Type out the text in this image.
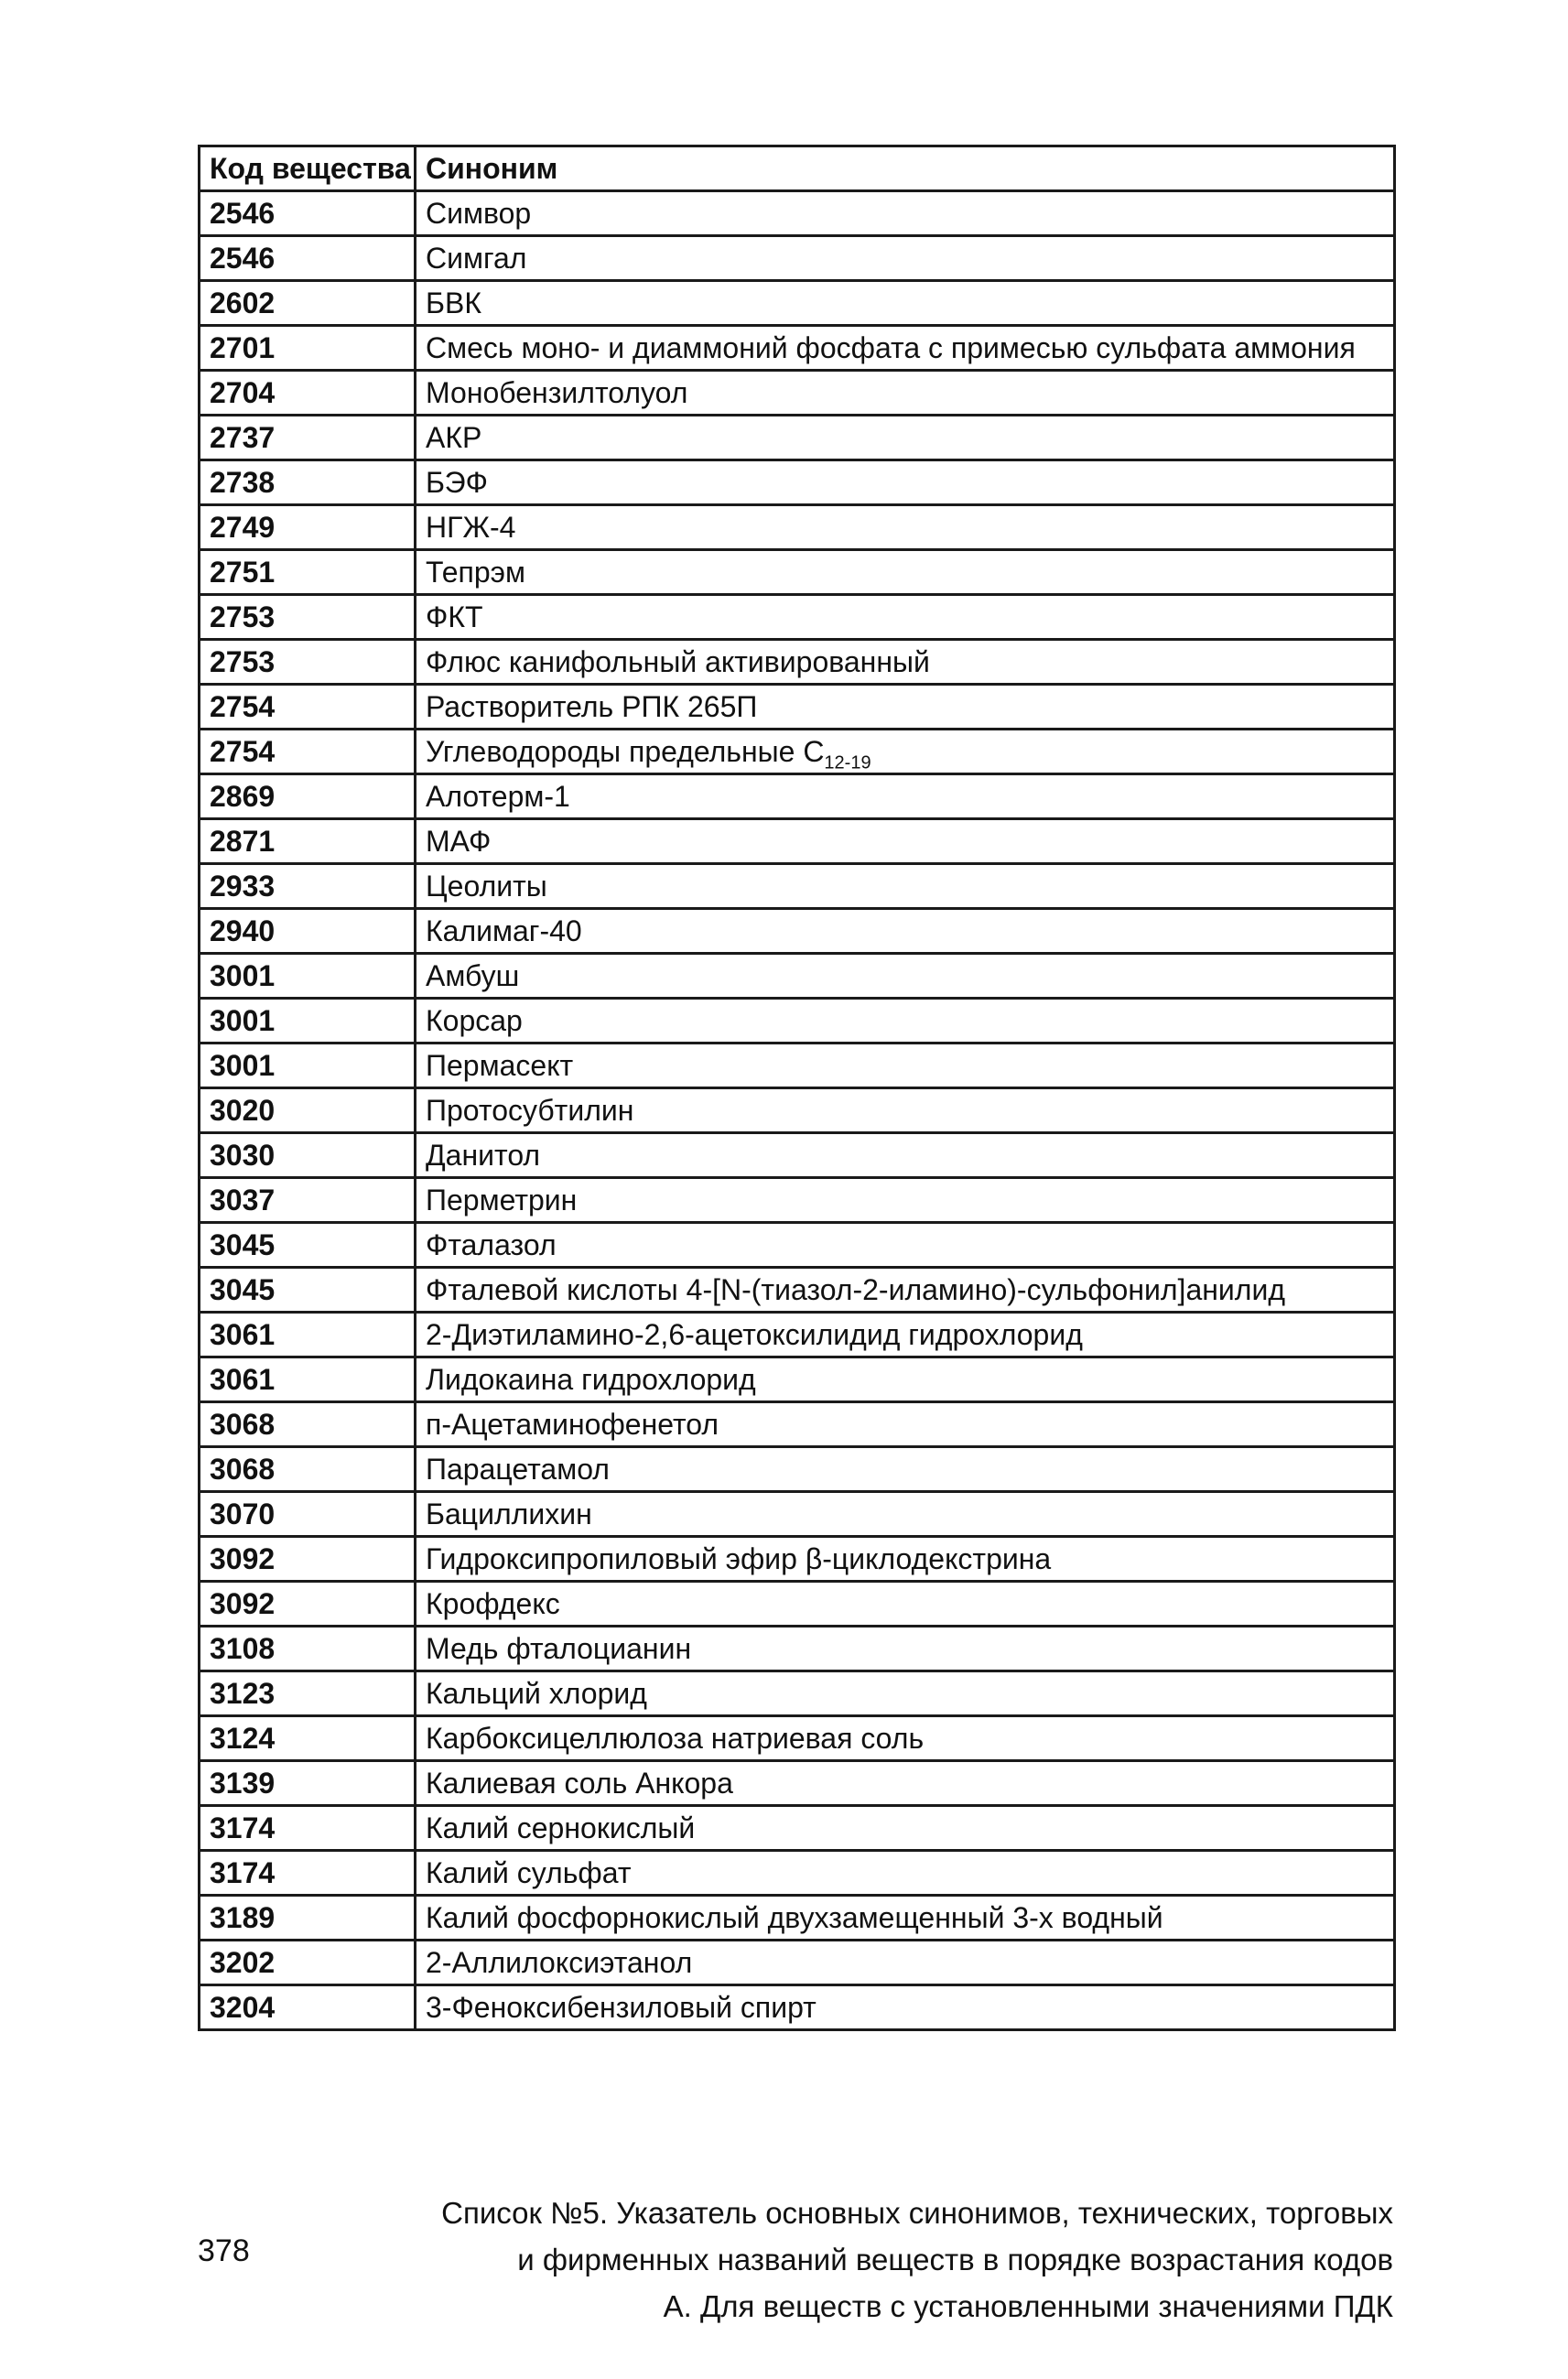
Код вещества	Синоним
2546	Симвор
2546	Симгал
2602	БВК
2701	Смесь моно- и диаммоний фосфата с примесью сульфата аммония
2704	Монобензилтолуол
2737	АКР
2738	БЭФ
2749	НГЖ-4
2751	Тепрэм
2753	ФКТ
2753	Флюс канифольный активированный
2754	Растворитель РПК 265П
2754	Углеводороды предельные $С_{12-19}$
2869	Алотерм-1
2871	МАФ
2933	Цеолиты
2940	Калимаг-40
3001	Амбуш
3001	Корсар
3001	Пермасект
3020	Протосубтилин
3030	Данитол
3037	Перметрин
3045	Фталазол
3045	Фталевой кислоты 4-[N-(тиазол-2-иламино)-сульфонил]анилид
3061	2-Диэтиламино-2,6-ацетоксилидид гидрохлорид
3061	Лидокаина гидрохлорид
3068	п-Ацетаминофенетол
3068	Парацетамол
3070	Бациллихин
3092	Гидроксипропиловый эфир β-циклодекстрина
3092	Крофдекс
3108	Медь фталоцианин
3123	Кальций хлорид
3124	Карбоксицеллюлоза натриевая соль
3139	Калиевая соль Анкора
3174	Калий сернокислый
3174	Калий сульфат
3189	Калий фосфорнокислый двухзамещенный 3-х водный
3202	2-Аллилоксиэтанол
3204	3-Феноксибензиловый спирт
378
Список №5. Указатель основных синонимов, технических, торговых
и фирменных названий веществ в порядке возрастания кодов
А. Для веществ с установленными значениями ПДК
